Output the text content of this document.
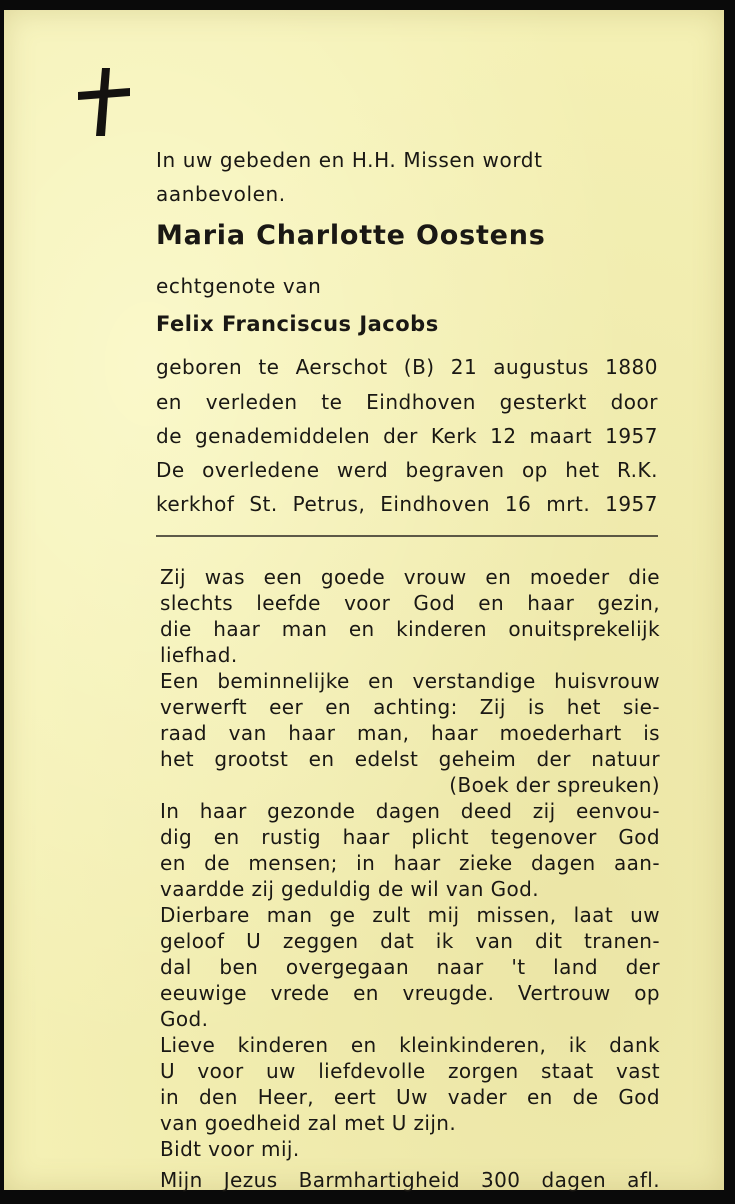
In uw gebeden en H.H. Missen wordt
aanbevolen.
Maria Charlotte Oostens
echtgenote van
Felix Franciscus Jacobs
geboren te Aerschot (B) 21 augustus 1880
en verleden te Eindhoven gesterkt door
de genademiddelen der Kerk 12 maart 1957
De overledene werd begraven op het R.K.
kerkhof St. Petrus, Eindhoven 16 mrt. 1957
Zij was een goede vrouw en moeder die
slechts leefde voor God en haar gezin,
die haar man en kinderen onuitsprekelijk
liefhad.
Een beminnelijke en verstandige huisvrouw
verwerft eer en achting: Zij is het sie-
raad van haar man, haar moederhart is
het grootst en edelst geheim der natuur
(Boek der spreuken)
In haar gezonde dagen deed zij eenvou-
dig en rustig haar plicht tegenover God
en de mensen; in haar zieke dagen aan-
vaardde zij geduldig de wil van God.
Dierbare man ge zult mij missen, laat uw
geloof U zeggen dat ik van dit tranen-
dal ben overgegaan naar 't land der
eeuwige vrede en vreugde. Vertrouw op
God.
Lieve kinderen en kleinkinderen, ik dank
U voor uw liefdevolle zorgen staat vast
in den Heer, eert Uw vader en de God
van goedheid zal met U zijn.
Bidt voor mij.
Mijn Jezus Barmhartigheid 300 dagen afl.
